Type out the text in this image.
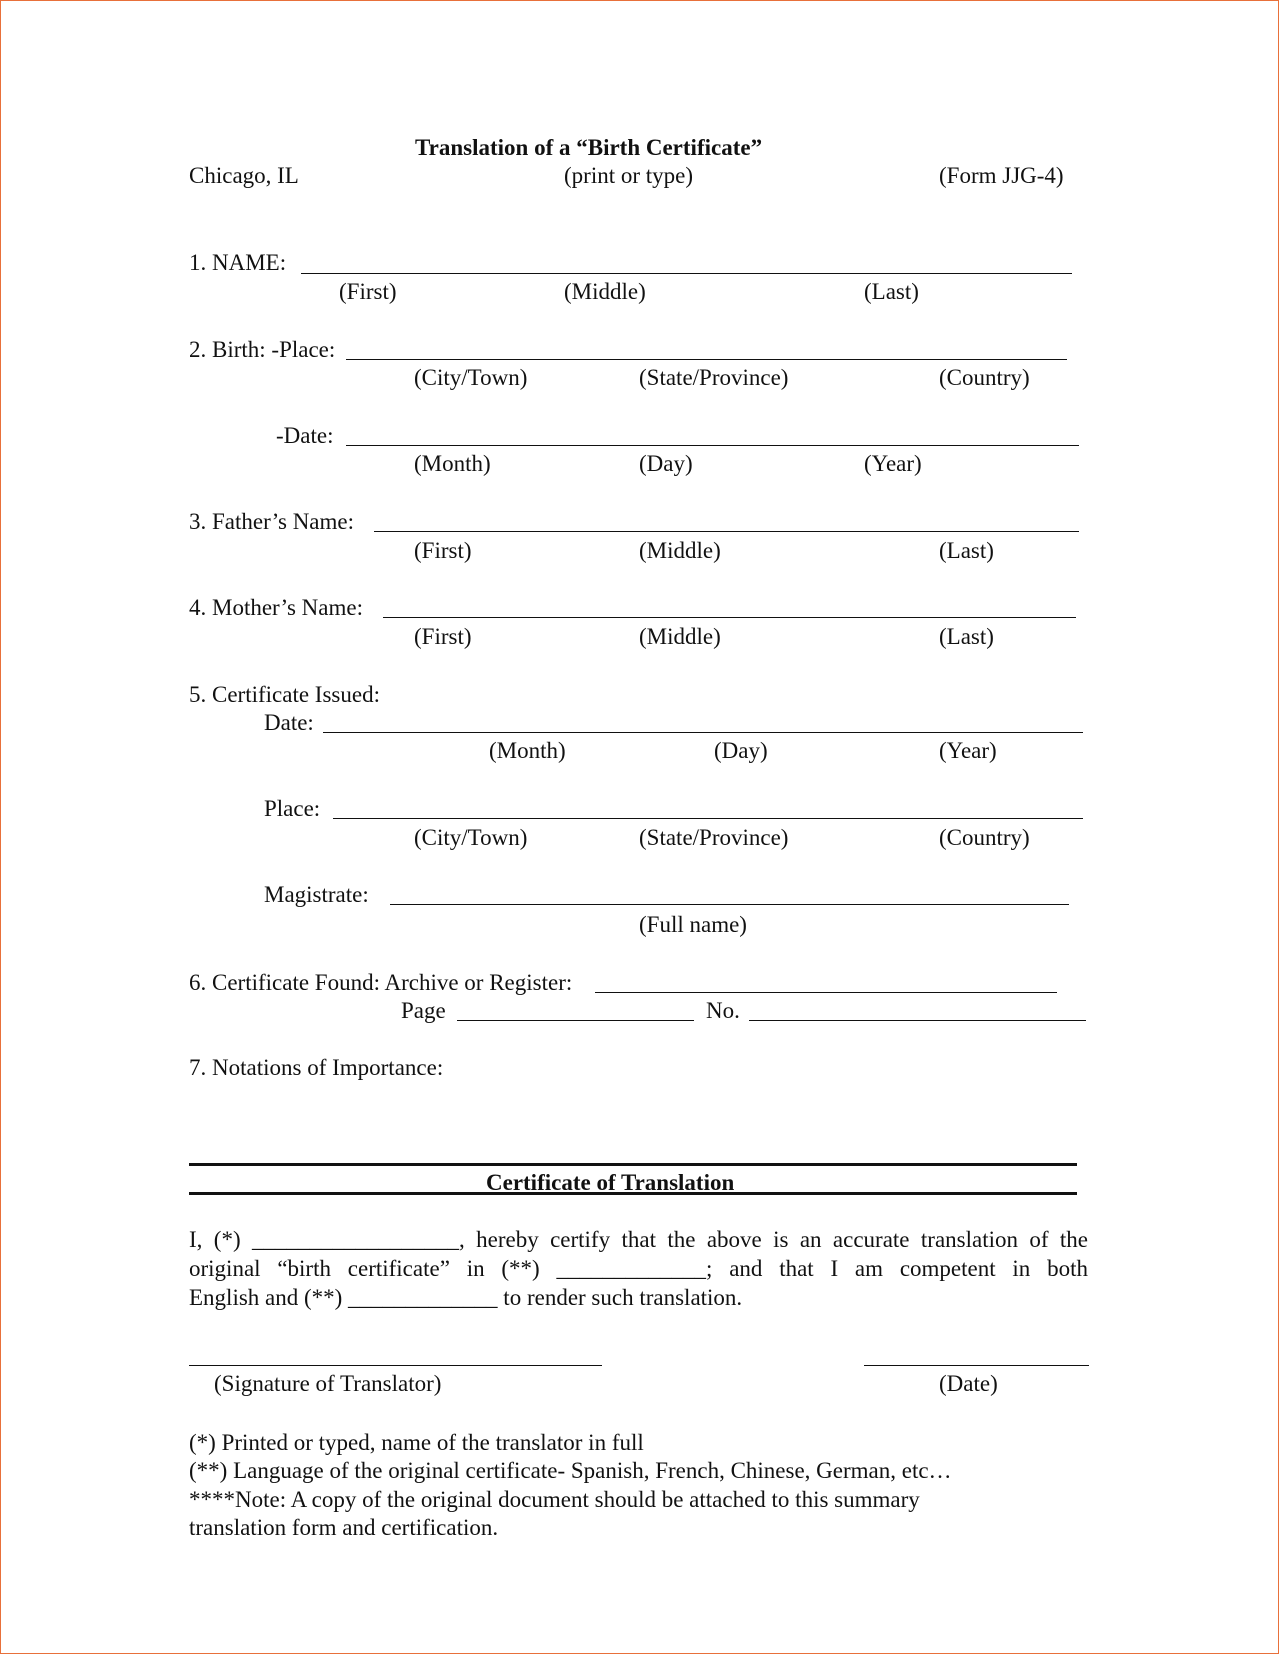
Translation of a “Birth Certificate”
Chicago, IL	(print or type)	(Form JJG-4)
1. NAME:
(First)	(Middle)	(Last)
2. Birth: -Place:
(City/Town)	(State/Province)	(Country)
-Date:
(Month)	(Day)	(Year)
3. Father’s Name:
(First)	(Middle)	(Last)
4. Mother’s Name:
(First)	(Middle)	(Last)
5. Certificate Issued:
Date:
(Month)	(Day)	(Year)
Place:
(City/Town)	(State/Province)	(Country)
Magistrate:
(Full name)
6. Certificate Found: Archive or Register:
Page	No.
7. Notations of Importance:
Certificate of Translation
I, (*) __________________, hereby certify that the above is an accurate translation of the
original “birth certificate” in (**) _____________; and that I am competent in both
English and (**) _____________ to render such translation.
(Signature of Translator)	(Date)
(*) Printed or typed, name of the translator in full
(**) Language of the original certificate- Spanish, French, Chinese, German, etc…
****Note: A copy of the original document should be attached to this summary
translation form and certification.
